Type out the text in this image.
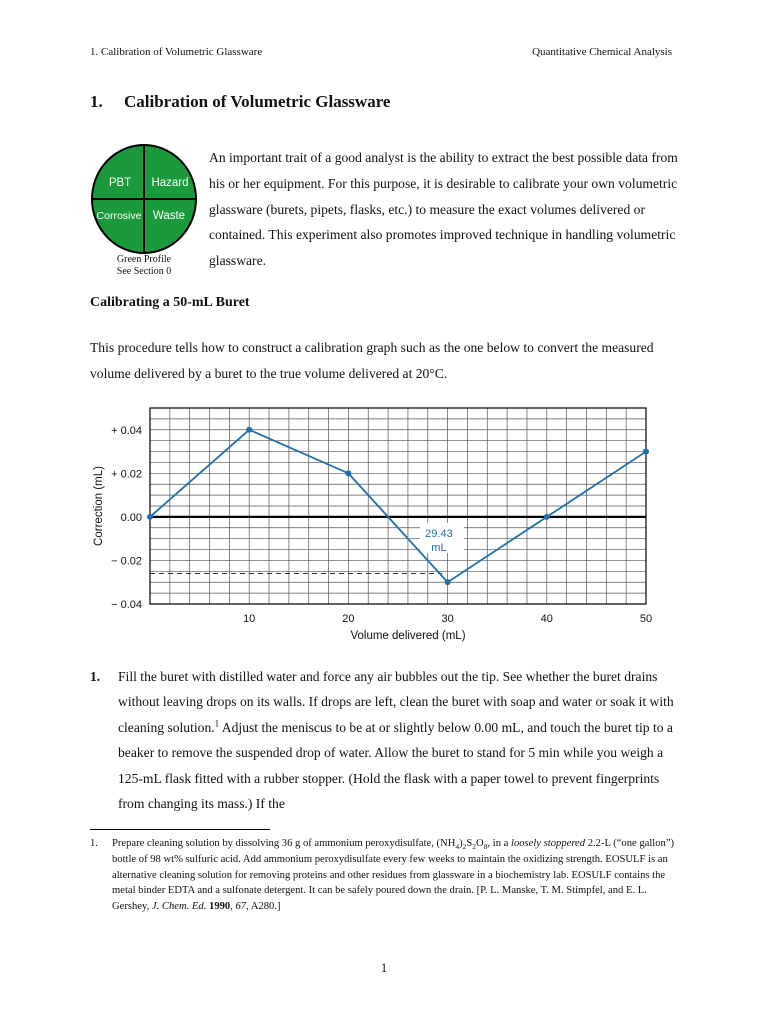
1. Calibration of Volumetric Glassware	Quantitative Chemical Analysis
1. Calibration of Volumetric Glassware
PBT Hazard
Corrosive Waste
Green Profile
See Section 0

An important trait of a good analyst is the ability to extract the best possible data from his or her equipment. For this purpose, it is desirable to calibrate your own volumetric glassware (burets, pipets, flasks, etc.) to measure the exact volumes delivered or contained. This experiment also promotes improved technique in handling volumetric glassware.

Calibrating a 50-mL Buret

This procedure tells how to construct a calibration graph such as the one below to convert the measured volume delivered by a buret to the true volume delivered at 20°C.

+ 0.04
+ 0.02
0.00
− 0.02
− 0.04
10	20	30	40	50
Volume delivered (mL)
Correction (mL)	29.43
mL

1. Fill the buret with distilled water and force any air bubbles out the tip. See whether the buret drains without leaving drops on its walls. If drops are left, clean the buret with soap and water or soak it with cleaning solution.$^1$ Adjust the meniscus to be at or slightly below 0.00 mL, and touch the buret tip to a beaker to remove the suspended drop of water. Allow the buret to stand for 5 min while you weigh a 125-mL flask fitted with a rubber stopper. (Hold the flask with a paper towel to prevent fingerprints from changing its mass.) If the

1. Prepare cleaning solution by dissolving 36 g of ammonium peroxydisulfate, $(NH_4)_2S_2O_8$, in a loosely stoppered 2.2-L (“one gallon”) bottle of 98 wt% sulfuric acid. Add ammonium peroxydisulfate every few weeks to maintain the oxidizing strength. EOSULF is an alternative cleaning solution for removing proteins and other residues from glassware in a biochemistry lab. EOSULF contains the metal binder EDTA and a sulfonate detergent. It can be safely poured down the drain. [P. L. Manske, T. M. Stimpfel, and E. L. Gershey, J. Chem. Ed. 1990, 67, A280.]
1
